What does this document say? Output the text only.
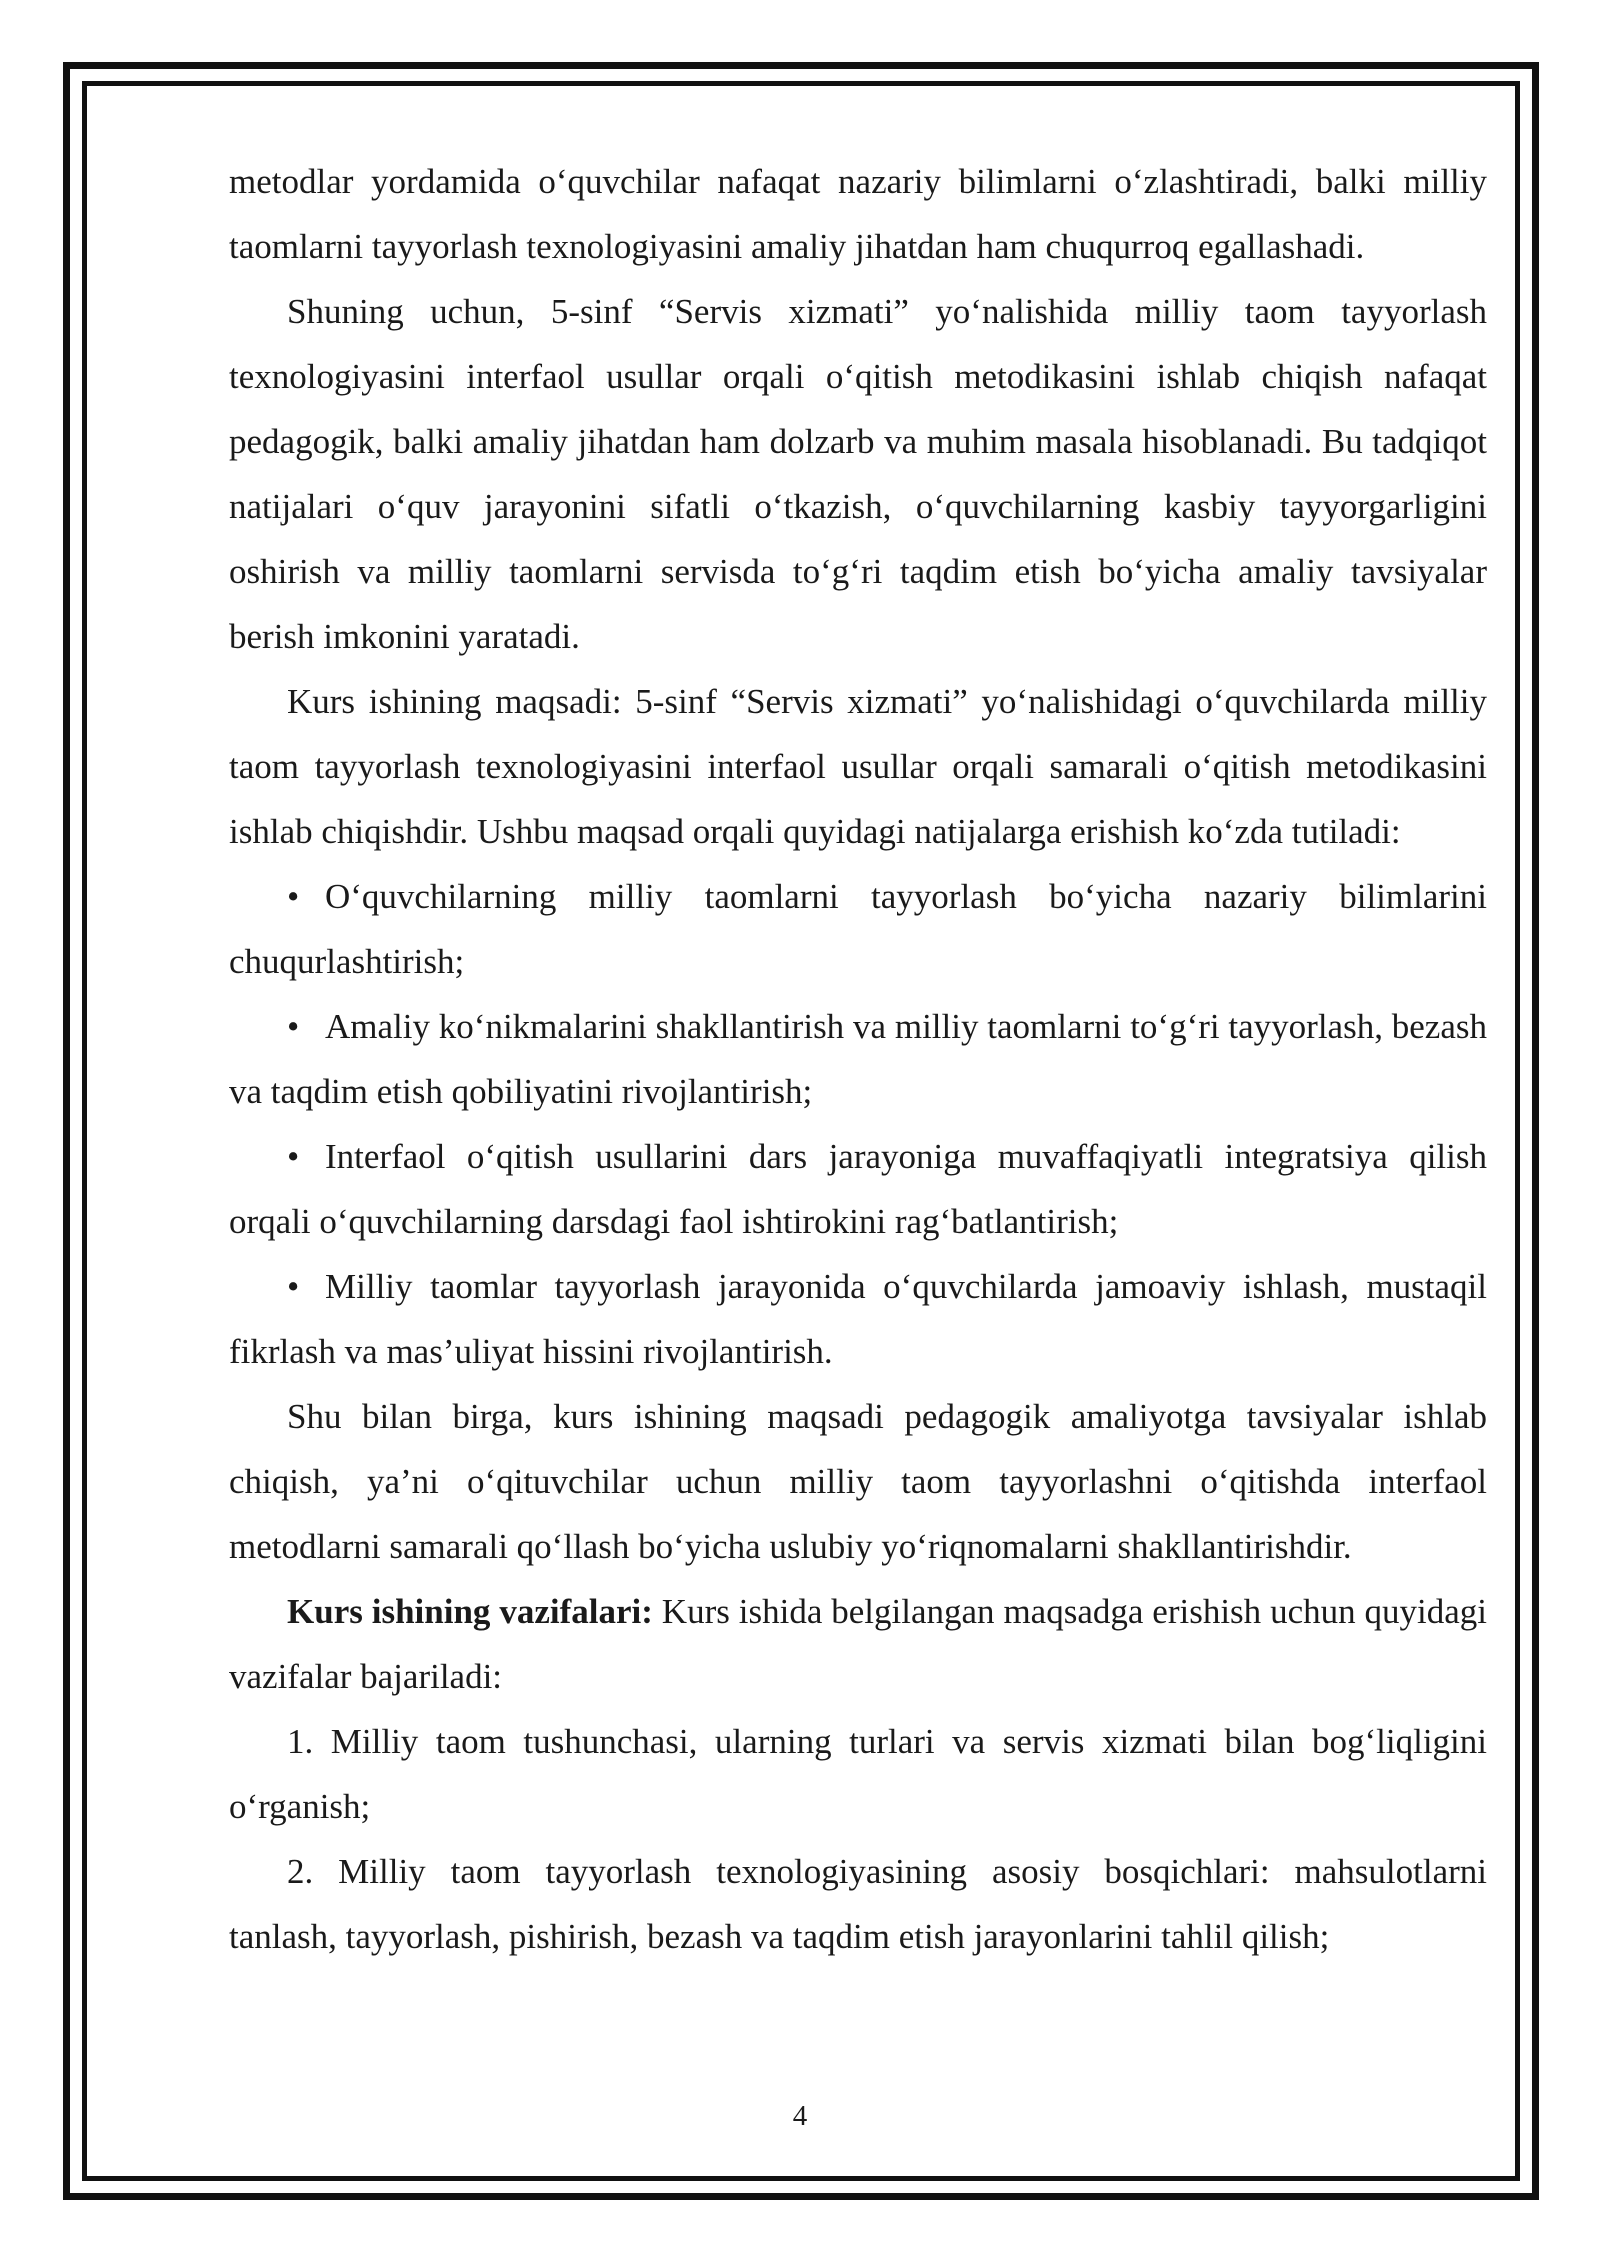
metodlar yordamida o‘quvchilar nafaqat nazariy bilimlarni o‘zlashtiradi, balki milliy taomlarni tayyorlash texnologiyasini amaliy jihatdan ham chuqurroq egallashadi.

Shuning uchun, 5-sinf “Servis xizmati” yo‘nalishida milliy taom tayyorlash texnologiyasini interfaol usullar orqali o‘qitish metodikasini ishlab chiqish nafaqat pedagogik, balki amaliy jihatdan ham dolzarb va muhim masala hisoblanadi. Bu tadqiqot natijalari o‘quv jarayonini sifatli o‘tkazish, o‘quvchilarning kasbiy tayyorgarligini oshirish va milliy taomlarni servisda to‘g‘ri taqdim etish bo‘yicha amaliy tavsiyalar berish imkonini yaratadi.

Kurs ishining maqsadi: 5-sinf “Servis xizmati” yo‘nalishidagi o‘quvchilarda milliy taom tayyorlash texnologiyasini interfaol usullar orqali samarali o‘qitish metodikasini ishlab chiqishdir. Ushbu maqsad orqali quyidagi natijalarga erishish ko‘zda tutiladi:

• O‘quvchilarning milliy taomlarni tayyorlash bo‘yicha nazariy bilimlarini chuqurlashtirish;

• Amaliy ko‘nikmalarini shakllantirish va milliy taomlarni to‘g‘ri tayyorlash, bezash va taqdim etish qobiliyatini rivojlantirish;

• Interfaol o‘qitish usullarini dars jarayoniga muvaffaqiyatli integratsiya qilish orqali o‘quvchilarning darsdagi faol ishtirokini rag‘batlantirish;

• Milliy taomlar tayyorlash jarayonida o‘quvchilarda jamoaviy ishlash, mustaqil fikrlash va mas’uliyat hissini rivojlantirish.

Shu bilan birga, kurs ishining maqsadi pedagogik amaliyotga tavsiyalar ishlab chiqish, ya’ni o‘qituvchilar uchun milliy taom tayyorlashni o‘qitishda interfaol metodlarni samarali qo‘llash bo‘yicha uslubiy yo‘riqnomalarni shakllantirishdir.

Kurs ishining vazifalari: Kurs ishida belgilangan maqsadga erishish uchun quyidagi vazifalar bajariladi:

1. Milliy taom tushunchasi, ularning turlari va servis xizmati bilan bog‘liqligini o‘rganish;

2. Milliy taom tayyorlash texnologiyasining asosiy bosqichlari: mahsulotlarni tanlash, tayyorlash, pishirish, bezash va taqdim etish jarayonlarini tahlil qilish;

4
